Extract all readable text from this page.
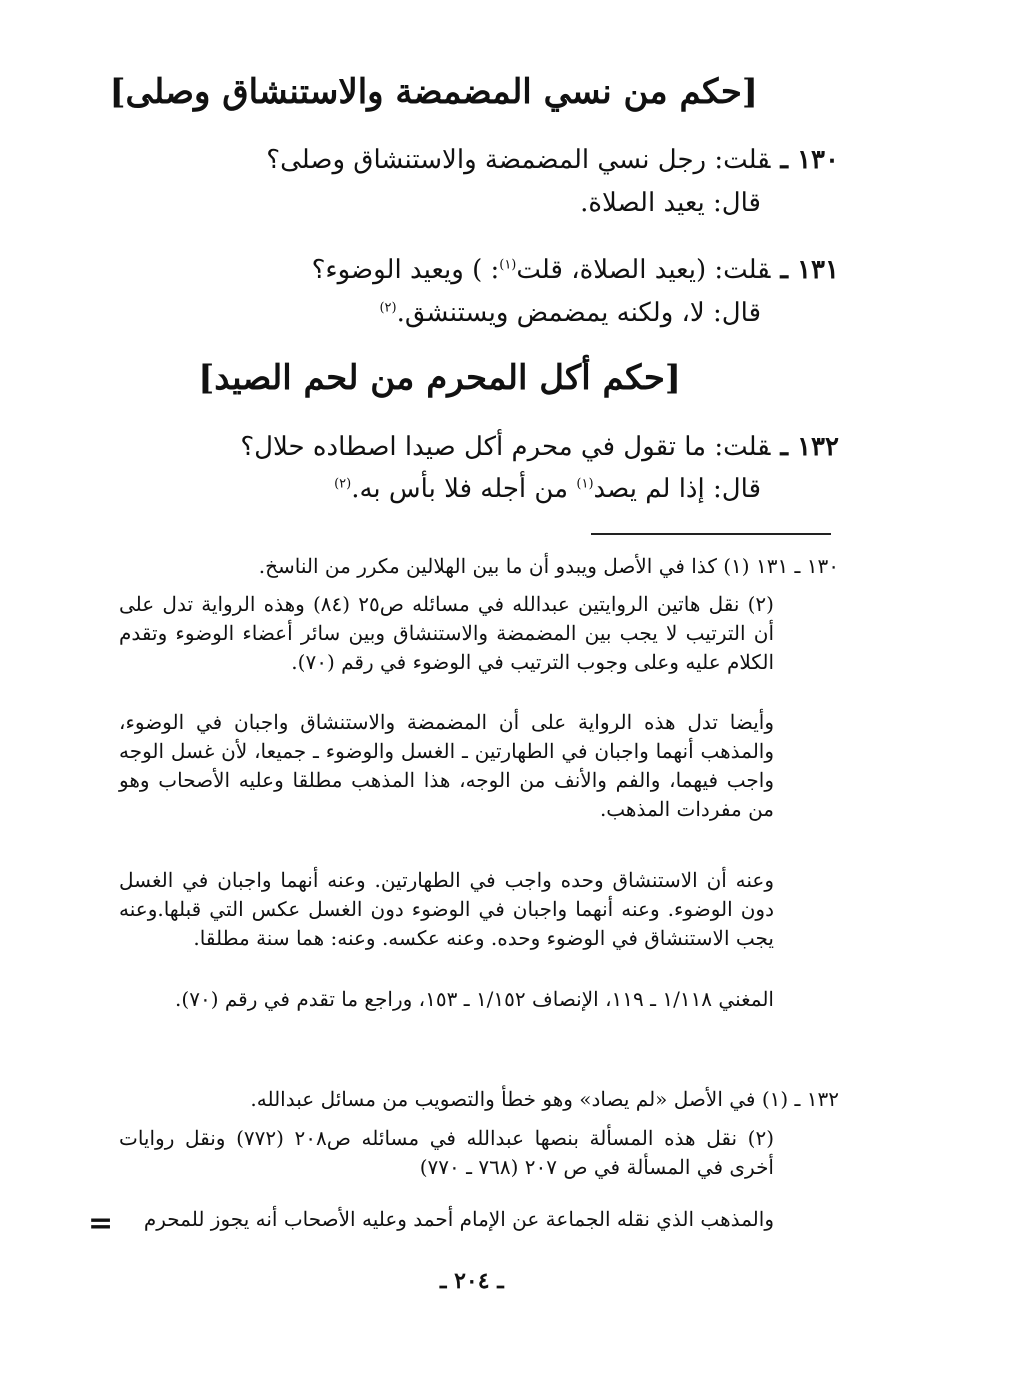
[حكم من نسي المضمضة والاستنشاق وصلى]
١٣٠ ـقلت: رجل نسي المضمضة والاستنشاق وصلى؟
قال: يعيد الصلاة.
١٣١ ـقلت: (يعيد الصلاة، قلت$^{(١)}$: ) ويعيد الوضوء؟
قال: لا، ولكنه يمضمض ويستنشق.$^{(٢)}$
[حكم أكل المحرم من لحم الصيد]
١٣٢ ـقلت: ما تقول في محرم أكل صيدا اصطاده حلال؟
قال: إذا لم يصد$^{(١)}$ من أجله فلا بأس به.$^{(٢)}$
١٣٠ ـ ١٣١ (١) كذا في الأصل ويبدو أن ما بين الهلالين مكرر من الناسخ.
(٢) نقل هاتين الروايتين عبدالله في مسائله ص٢٥ (٨٤) وهذه الرواية تدل على أن الترتيب لا يجب بين المضمضة والاستنشاق وبين سائر أعضاء الوضوء وتقدم الكلام عليه وعلى وجوب الترتيب في الوضوء في رقم (٧٠).
وأيضا تدل هذه الرواية على أن المضمضة والاستنشاق واجبان في الوضوء، والمذهب أنهما واجبان في الطهارتين ـ الغسل والوضوء ـ جميعا، لأن غسل الوجه واجب فيهما، والفم والأنف من الوجه، هذا المذهب مطلقا وعليه الأصحاب وهو من مفردات المذهب.
وعنه أن الاستنشاق وحده واجب في الطهارتين. وعنه أنهما واجبان في الغسل دون الوضوء. وعنه أنهما واجبان في الوضوء دون الغسل عكس التي قبلها.وعنه يجب الاستنشاق في الوضوء وحده. وعنه عكسه. وعنه: هما سنة مطلقا.
المغني ١/١١٨ ـ ١١٩، الإنصاف ١/١٥٢ ـ ١٥٣، وراجع ما تقدم في رقم (٧٠).
١٣٢ ـ (١) في الأصل «لم يصاد» وهو خطأ والتصويب من مسائل عبدالله.
(٢) نقل هذه المسألة بنصها عبدالله في مسائله ص٢٠٨ (٧٧٢) ونقل روايات أخرى في المسألة في ص ٢٠٧ (٧٦٨ ـ ٧٧٠)
والمذهب الذي نقله الجماعة عن الإمام أحمد وعليه الأصحاب أنه يجوز للمحرم
=
ـ ٢٠٤ ـ
